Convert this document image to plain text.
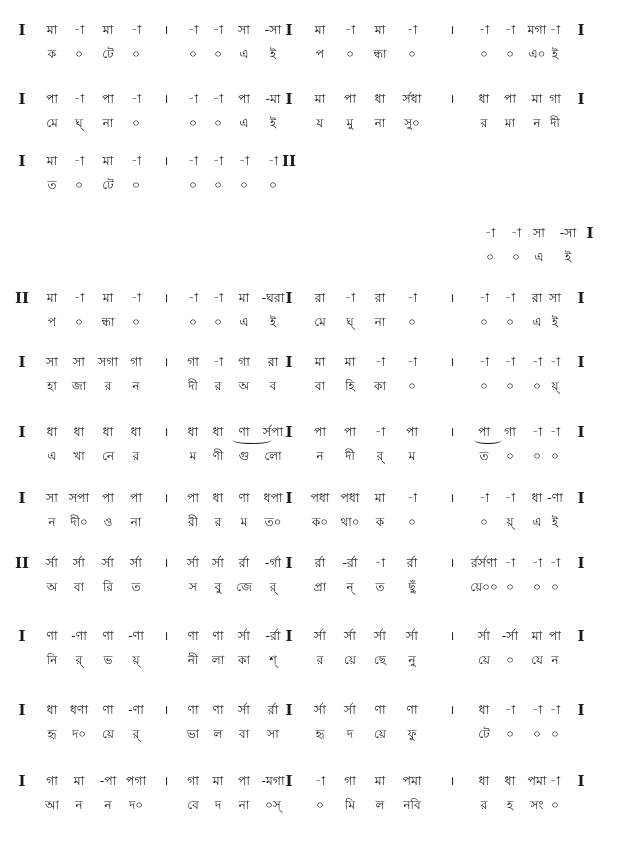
I মা -া মা -া । -া -া সা -সা I মা -া মা -া	। -া -া মগা -া I
ক ০ টে ০	০ ০ এ ই	প ০ ন্ধা ০	০ ০ এ০ ই
I পা -া পা -া । -া -া পা -মা I মা পা ধা র্সধা । ধা পা মা গা I
মে ঘ্ না ০	০ ০ এ ই	য মু না সু০	র মা ন দী
I মা -া মা -া । -া -া -া -া II
ত ০ টে ০	০ ০ ০ ০
-া -া সা -সা I
০ ০ এ ই
II মা -া মা -া । -া -া মা -ঘরা I রা -া রা -া	। -া -া রা সা I
প ০ ন্ধা ০	০ ০ এ ই	মে ঘ্ না ০	০ ০ এ ই
I সা সা সগা গা । গা -া গা রা I মা মা -া -া	। -া -া -া -া I
হা জা র ন	দী র অ ব	বা হি কা ০	০ ০ ০ য়্
I ধা ধা ধা ধা । ধা ধা ণা র্সপা I পা পা -া পা	। পা গা -া -া I
এ খা নে র	ম ণী গু লো	ন দী র্ ম	ত ০ ০ ০
I সা সপা পা পা । পা ধা ণা ধপা I পধা পধা মা -া	। -া -া ধা -ণা I
ন দী০ ও না	রী র ম ত০	ক০ থা০ ক ০	০ য়্ এ ই
II র্সা র্সা র্সা র্সা । র্সা র্সা র্রা -র্গা I র্রা -র্রা -া র্রা	। র্রর্সণা -া -া -া I
অ বা রি ত	স বু জে র্	প্রা ন্ ত ছুঁ	য়ে০০ ০ ০ ০
I ণা -ণা ণা -ণা । ণা ণা র্সা -র্রা I র্সা র্সা র্সা র্সা	। র্সা -র্সা মা পা I
নি র্ ভ য়্	নী লা কা শ্	র য়ে ছে নু	য়ে ০ যে ন
I ধা ধণা ণা -ণা । ণা ণা র্সা র্রা I র্সা র্সা ণা ণা	। ধা -া -া -া I
হৃ দ০ য়ে র্	ভা ল বা সা	হৃ দ য়ে ফু	টে ০ ০ ০
I গা মা -পা পগা । গা মা পা -মগা I -া গা মা পমা । ধা ধা পমা -া I
আ ন ন দ০	বে দ না ০স্	০ মি ল নবি	র হ সং ০
